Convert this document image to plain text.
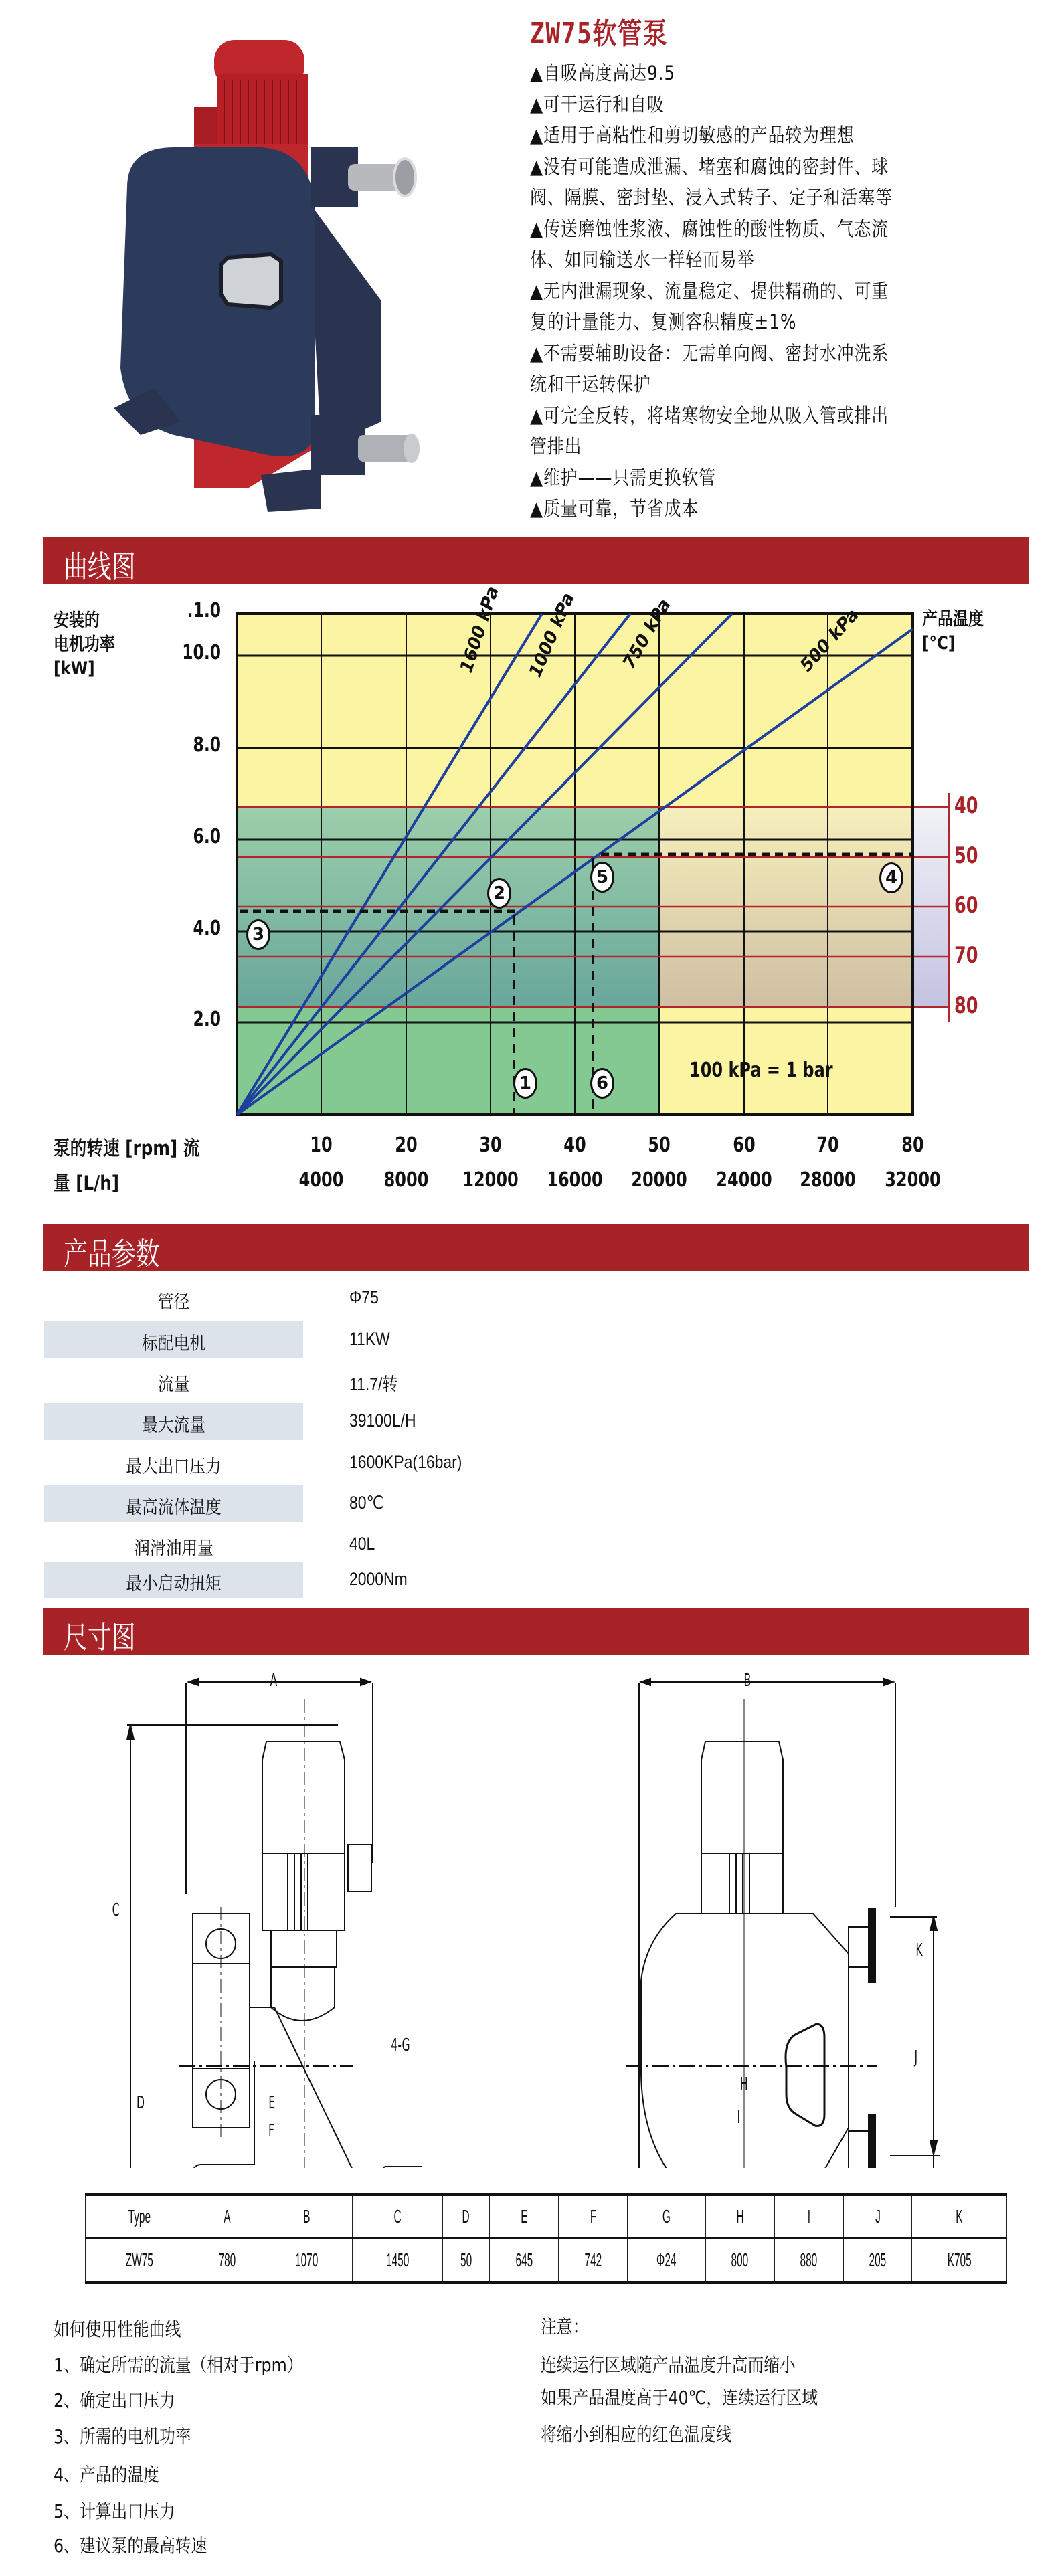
ZW75软管泵
▲自吸高度高达9.5
▲可干运行和自吸
▲适用于高粘性和剪切敏感的产品较为理想
▲没有可能造成泄漏、堵塞和腐蚀的密封件、球
阀、隔膜、密封垫、浸入式转子、定子和活塞等
▲传送磨蚀性浆液、腐蚀性的酸性物质、气态流
体、如同输送水一样轻而易举
▲无内泄漏现象、流量稳定、提供精确的、可重
复的计量能力、复测容积精度±1%
▲不需要辅助设备：无需单向阀、密封水冲洗系
统和干运转保护
▲可完全反转，将堵寒物安全地从吸入管或排出
管排出
▲维护——只需更换软管
▲质量可靠，节省成本
曲线图
安装的
电机功率
[kW]
.1.0
10.0
8.0
6.0
4.0
2.0
1600 kPa 1000 kPa 750 kPa	500 kPa
100 kPa = 1 bar
1
2
3
4
5
6
产品温度
[°C]
40
50
60
70
80
泵的转速 [rpm] 流
量 [L/h]
10	20	30	40	50	60	70	80
4000	8000	12000	16000	20000	24000	28000	32000
产品参数
管径	Φ75
标配电机	11KW
流量	11.7/转
最大流量	39100L/H
最大出口压力	1600KPa(16bar)
最高流体温度	80℃
润滑油用量	40L
最小启动扭矩	2000Nm
尺寸图
A	B
C
D	E
F
4-G
H
I
J
K
Type	A	B	C	D	E	F	G	H	I	J	K
ZW75	780	1070	1450	50	645	742	Φ24	800	880	205	K705
如何使用性能曲线
1、确定所需的流量（相对于rpm）
2、确定出口压力
3、所需的电机功率
4、产品的温度
5、计算出口压力
6、建议泵的最高转速
注意：
连续运行区域随产品温度升高而缩小
如果产品温度高于40℃，连续运行区域
将缩小到相应的红色温度线
